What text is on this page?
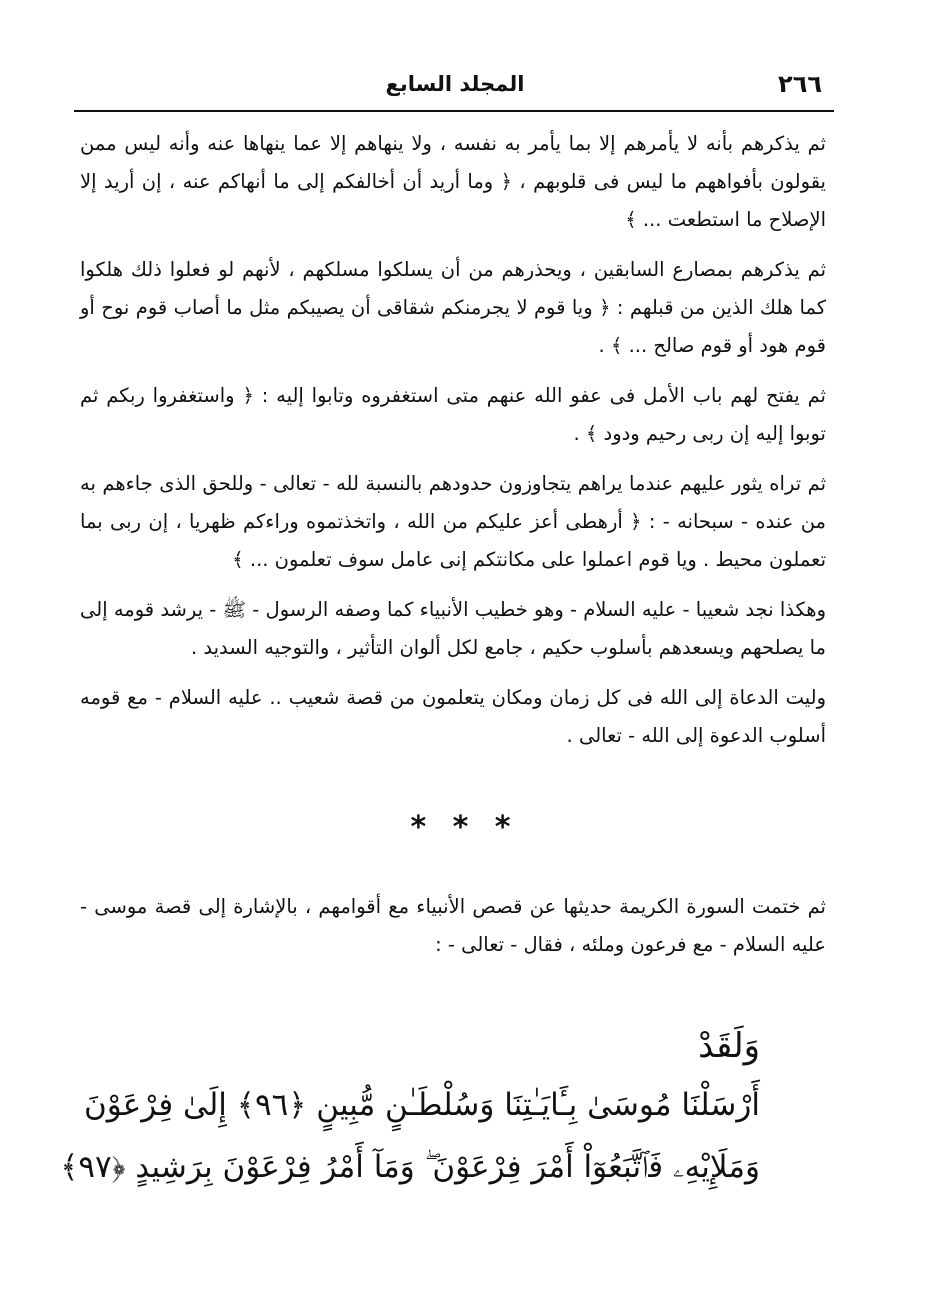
٢٦٦
المجلد السابع

ثم يذكرهم بأنه لا يأمرهم إلا بما يأمر به نفسه ، ولا ينهاهم إلا عما ينهاها عنه وأنه ليس ممن يقولون بأفواههم ما ليس فى قلوبهم ، ﴿ وما أريد أن أخالفكم إلى ما أنهاكم عنه ، إن أريد إلا الإصلاح ما استطعت ... ﴾

ثم يذكرهم بمصارع السابقين ، ويحذرهم من أن يسلكوا مسلكهم ، لأنهم لو فعلوا ذلك هلكوا كما هلك الذين من قبلهم : ﴿ ويا قوم لا يجرمنكم شقاقى أن يصيبكم مثل ما أصاب قوم نوح أو قوم هود أو قوم صالح ... ﴾ .

ثم يفتح لهم باب الأمل فى عفو الله عنهم متى استغفروه وتابوا إليه : ﴿ واستغفروا ربكم ثم توبوا إليه إن ربى رحيم ودود ﴾ .

ثم تراه يثور عليهم عندما يراهم يتجاوزون حدودهم بالنسبة لله - تعالى - وللحق الذى جاءهم به من عنده - سبحانه - : ﴿ أرهطى أعز عليكم من الله ، واتخذتموه وراءكم ظهريا ، إن ربى بما تعملون محيط . ويا قوم اعملوا على مكانتكم إنى عامل سوف تعلمون ... ﴾

وهكذا نجد شعيبا - عليه السلام - وهو خطيب الأنبياء كما وصفه الرسول - ﷺ - يرشد قومه إلى ما يصلحهم ويسعدهم بأسلوب حكيم ، جامع لكل ألوان التأثير ، والتوجيه السديد .

وليت الدعاة إلى الله فى كل زمان ومكان يتعلمون من قصة شعيب .. عليه السلام - مع قومه أسلوب الدعوة إلى الله - تعالى .

* * *

ثم ختمت السورة الكريمة حديثها عن قصص الأنبياء مع أقوامهم ، بالإشارة إلى قصة موسى - عليه السلام - مع فرعون وملئه ، فقال - تعالى - :

وَلَقَدْ
أَرْسَلْنَا مُوسَىٰ بِـَٔايَـٰتِنَا وَسُلْطَـٰنٍ مُّبِينٍ ﴿٩٦﴾ إِلَىٰ فِرْعَوْنَ
وَمَلَإِيْهِۦ فَٱتَّبَعُوٓاْ أَمْرَ فِرْعَوْنَ ۖ وَمَآ أَمْرُ فِرْعَوْنَ بِرَشِيدٍ ﴿٩٧﴾
